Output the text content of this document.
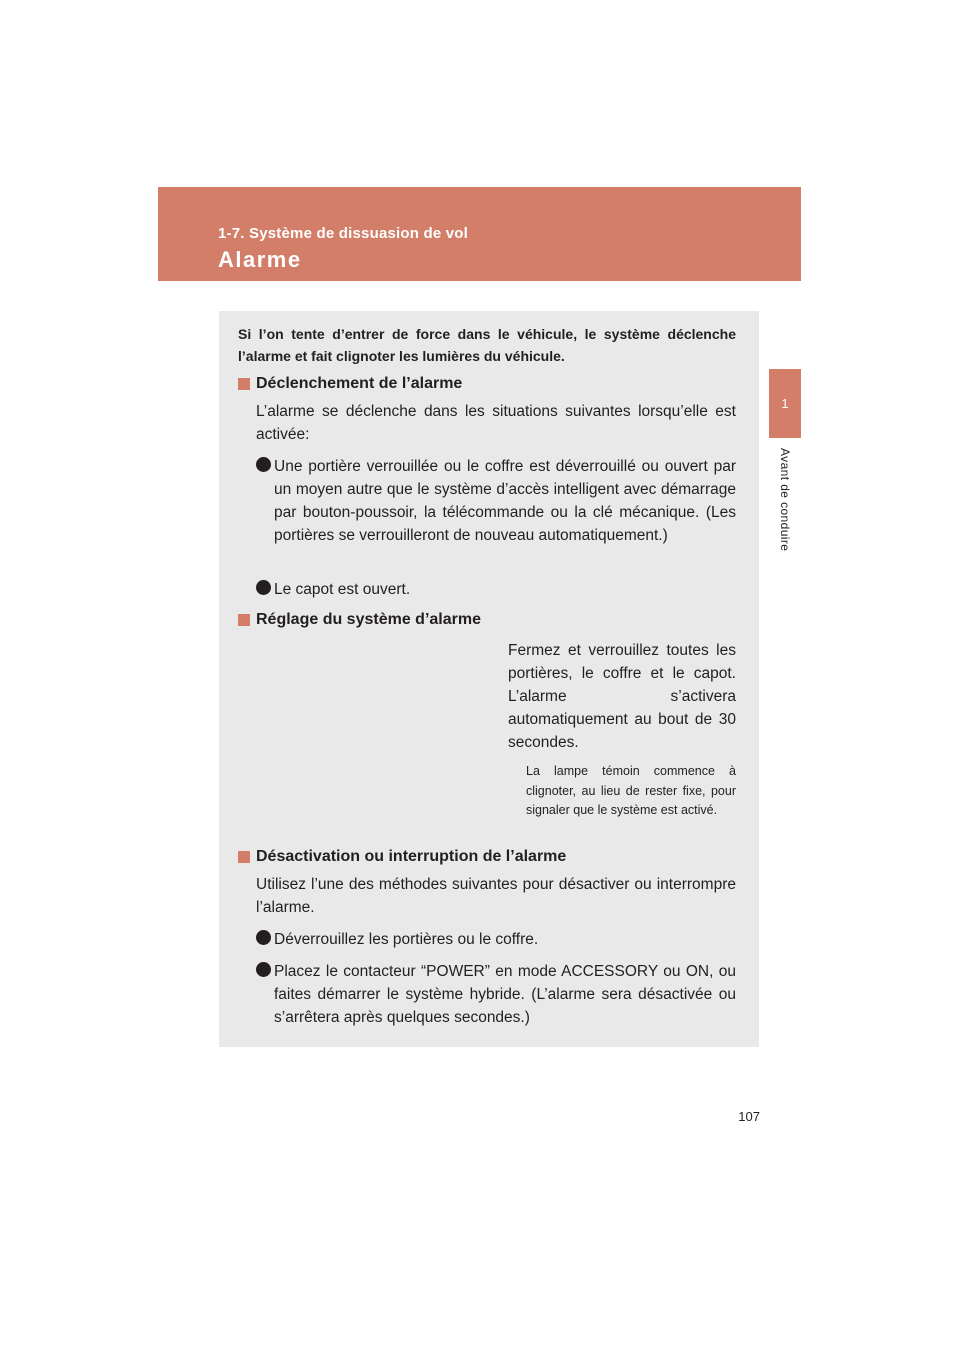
1-7. Système de dissuasion de vol
Alarme
1
Avant de conduire
Si l’on tente d’entrer de force dans le véhicule, le système déclenche l’alarme et fait clignoter les lumières du véhicule.
Déclenchement de l’alarme
L’alarme se déclenche dans les situations suivantes lorsqu’elle est activée:
Une portière verrouillée ou le coffre est déverrouillé ou ouvert par un moyen autre que le système d’accès intelligent avec démarrage par bouton-poussoir, la télécommande ou la clé mécanique. (Les portières se verrouilleront de nouveau automatiquement.)
Le capot est ouvert.
Réglage du système d’alarme
Fermez et verrouillez toutes les portières, le coffre et le capot. L’alarme s’activera automatiquement au bout de 30 secondes.
La lampe témoin commence à clignoter, au lieu de rester fixe, pour signaler que le système est activé.
Désactivation ou interruption de l’alarme
Utilisez l’une des méthodes suivantes pour désactiver ou interrompre l’alarme.
Déverrouillez les portières ou le coffre.
Placez le contacteur “POWER” en mode ACCESSORY ou ON, ou faites démarrer le système hybride. (L’alarme sera désactivée ou s’arrêtera après quelques secondes.)
107
